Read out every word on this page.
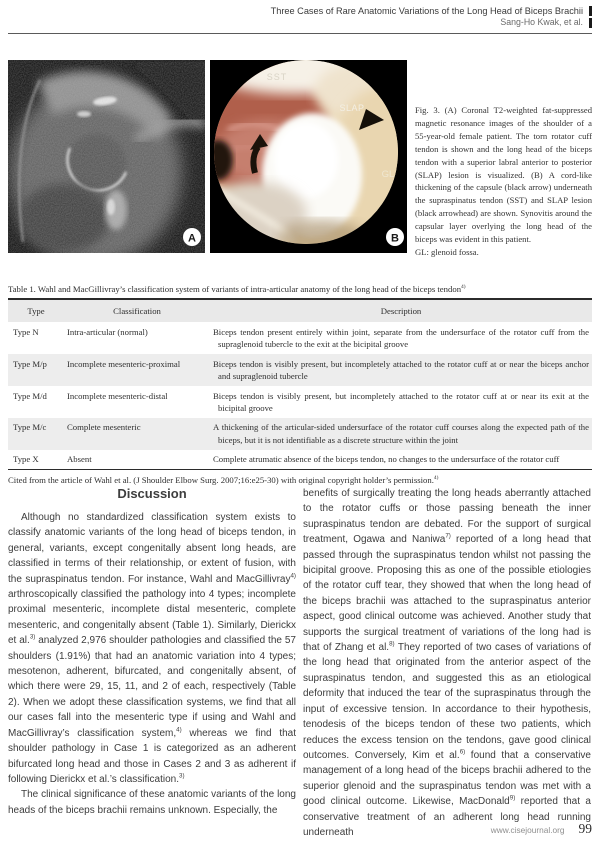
Three Cases of Rare Anatomic Variations of the Long Head of Biceps Brachii
Sang-Ho Kwak, et al.
A
SST
SLAP
GL
B
Fig. 3. (A) Coronal T2-weighted fat-suppressed magnetic resonance images of the shoulder of a 55-year-old female patient. The torn rotator cuff tendon is shown and the long head of the biceps tendon with a superior labral anterior to posterior (SLAP) lesion is visualized. (B) A cord-like thickening of the capsule (black arrow) underneath the supraspinatus tendon (SST) and SLAP lesion (black arrowhead) are shown. Synovitis around the capsular layer overlying the long head of the biceps was evident in this patient.
GL: glenoid fossa.
Table 1. Wahl and MacGillivray’s classification system of variants of intra-articular anatomy of the long head of the biceps tendon$^{4)}$
Type	Classification	Description
Type N	Intra-articular (normal)	Biceps tendon present entirely within joint, separate from the undersurface of the rotator cuff from the supraglenoid tubercle to the exit at the bicipital groove
Type M/p	Incomplete mesenteric-proximal	Biceps tendon is visibly present, but incompletely attached to the rotator cuff at or near the biceps anchor and supraglenoid tubercle
Type M/d	Incomplete mesenteric-distal	Biceps tendon is visibly present, but incompletely attached to the rotator cuff at or near its exit at the bicipital groove
Type M/c	Complete mesenteric	A thickening of the articular-sided undersurface of the rotator cuff courses along the expected path of the biceps, but it is not identifiable as a discrete structure within the joint
Type X	Absent	Complete atrumatic absence of the biceps tendon, no changes to the undersurface of the rotator cuff
Cited from the article of Wahl et al. (J Shoulder Elbow Surg. 2007;16:e25-30) with original copyright holder’s permission.$^{4)}$
Discussion

Although no standardized classification system exists to classify anatomic variants of the long head of biceps tendon, in general, variants, except congenitally absent long heads, are classified in terms of their relationship, or extent of fusion, with the supraspinatus tendon. For instance, Wahl and MacGillivray$^{4)}$ arthroscopically classified the pathology into 4 types; incomplete proximal mesenteric, incomplete distal mesenteric, complete mesenteric, and congenitally absent (Table 1). Similarly, Dierickx et al.$^{3)}$ analyzed 2,976 shoulder pathologies and classified the 57 shoulders (1.91%) that had an anatomic variation into 4 types; mesotenon, adherent, bifurcated, and congenitally absent, of which there were 29, 15, 11, and 2 of each, respectively (Table 2). When we adopt these classification systems, we find that all our cases fall into the mesenteric type if using and Wahl and MacGillivray’s classification system,$^{4)}$ whereas we find that shoulder pathology in Case 1 is categorized as an adherent bifurcated long head and those in Cases 2 and 3 as adherent if following Dierickx et al.’s classification.$^{3)}$

The clinical significance of these anatomic variants of the long heads of the biceps brachii remains unknown. Especially, the

benefits of surgically treating the long heads aberrantly attached to the rotator cuffs or those passing beneath the inner supraspinatus tendon are debated. For the support of surgical treatment, Ogawa and Naniwa$^{7)}$ reported of a long head that passed through the supraspinatus tendon whilst not passing the bicipital groove. Proposing this as one of the possible etiologies of the rotator cuff tear, they showed that when the long head of the biceps brachii was attached to the supraspinatus anterior aspect, good clinical outcome was achieved. Another study that supports the surgical treatment of variations of the long had is that of Zhang et al.$^{8)}$ They reported of two cases of variations of the long head that originated from the anterior aspect of the supraspinatus tendon, and suggested this as an etiological deformity that induced the tear of the supraspinatus through the input of excessive tension. In accordance to their hypothesis, tenodesis of the biceps tendon of these two patients, which reduces the excess tension on the tendons, gave good clinical outcomes. Conversely, Kim et al.$^{6)}$ found that a conservative management of a long head of the biceps brachii adhered to the superior glenoid and the supraspinatus tendon was met with a good clinical outcome. Likewise, MacDonald$^{9)}$ reported that a conservative treatment of an adherent long head running underneath	www.cisejournal.org 99
